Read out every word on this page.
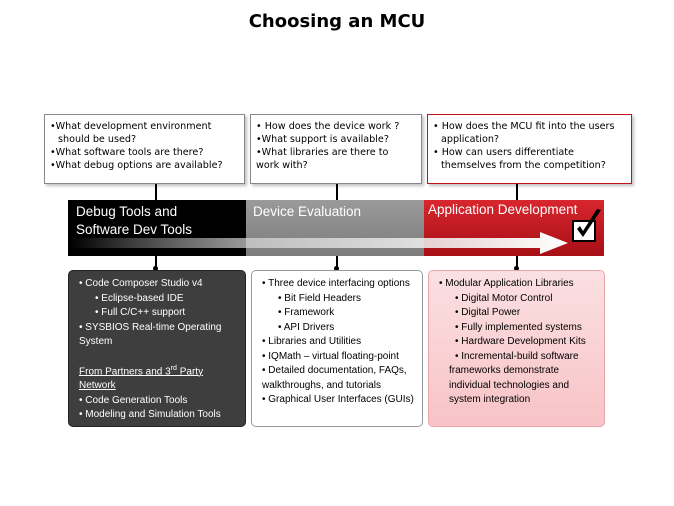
Choosing an MCU
•What development environment
should be used?
•What software tools are there?
•What debug options are available?
• How does the device work ?
•What support is available?
•What libraries are there to
work with?
• How does the MCU fit into the users
application?
• How can users differentiate
themselves from the competition?
Debug Tools and
Software Dev Tools
Device Evaluation	Application Development
• Code Composer Studio v4
• Eclipse-based IDE
• Full C/C++ support
• SYSBIOS Real-time Operating
System
From Partners and 3rd Party
Network
• Code Generation Tools
• Modeling and Simulation Tools
• Three device interfacing options
• Bit Field Headers
• Framework
• API Drivers
• Libraries and Utilities
• IQMath – virtual floating-point
• Detailed documentation, FAQs,
walkthroughs, and tutorials
• Graphical User Interfaces (GUIs)
• Modular Application Libraries
• Digital Motor Control
• Digital Power
• Fully implemented systems
• Hardware Development Kits
• Incremental-build software
frameworks demonstrate
individual technologies and
system integration
